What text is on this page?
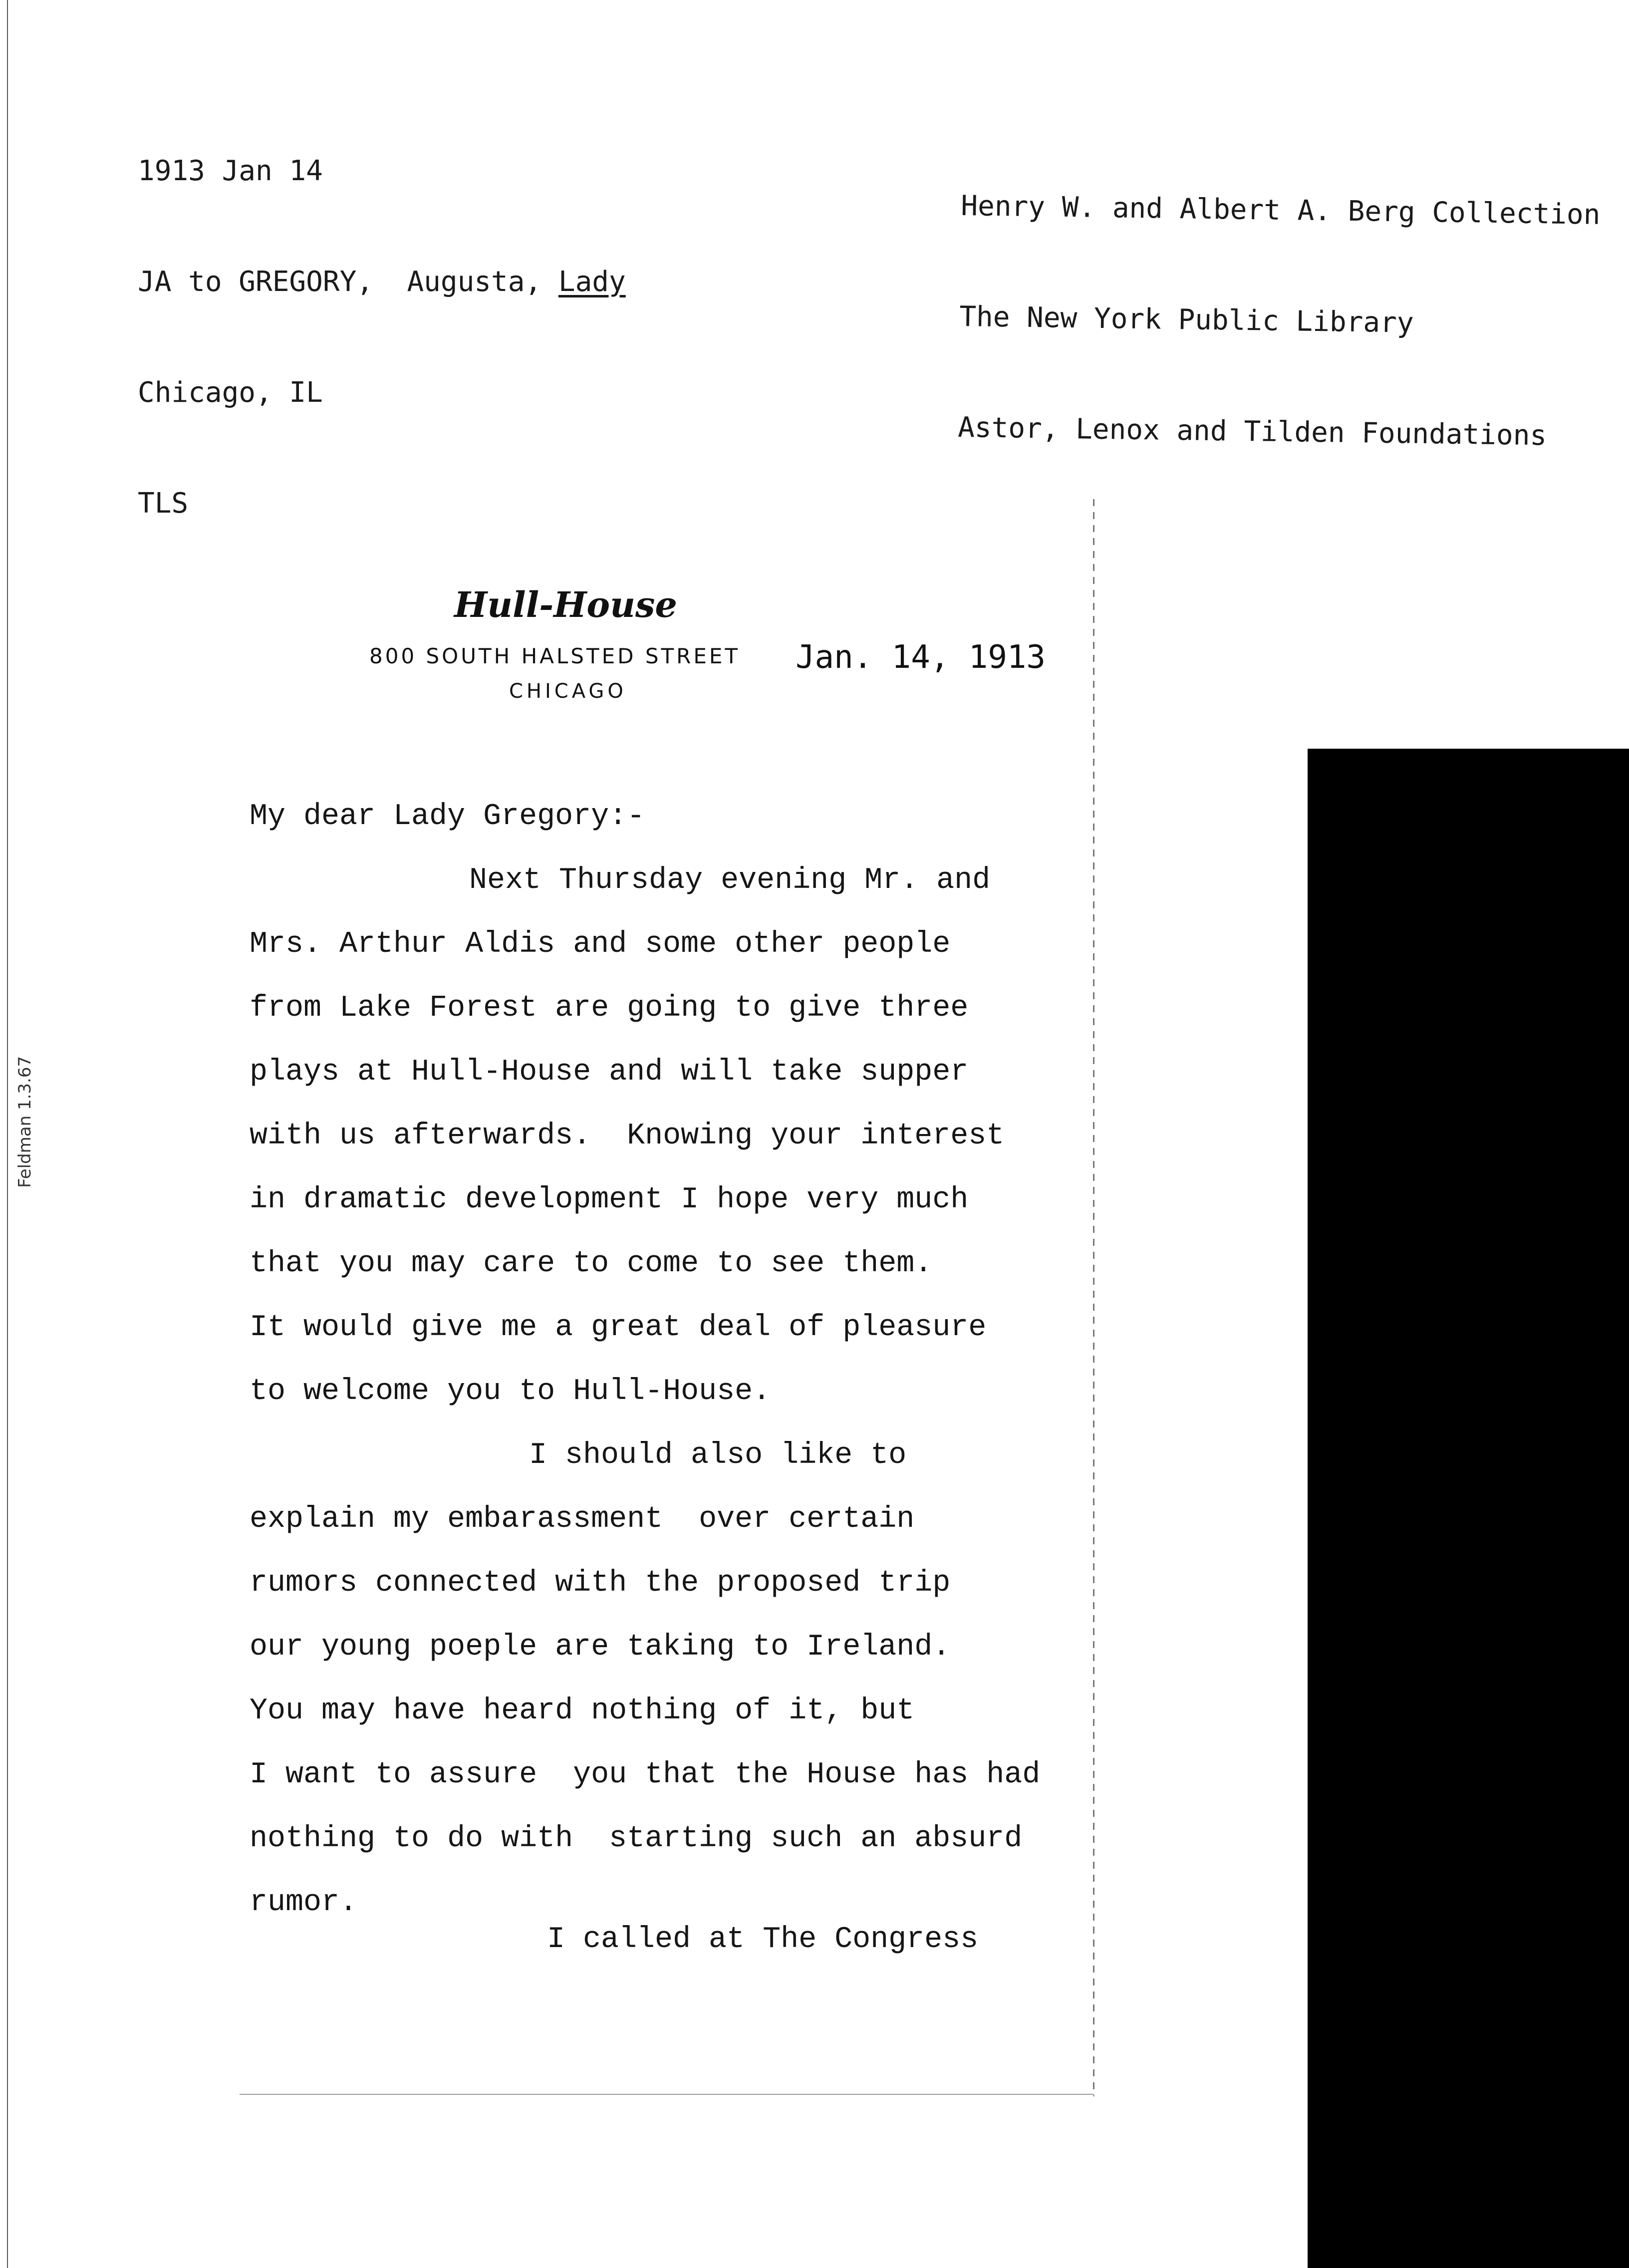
1913 Jan 14

JA to GREGORY,  Augusta, Lady

Chicago, IL

TLS

Henry W. and Albert A. Berg Collection

The New York Public Library

Astor, Lenox and Tilden Foundations

Hull-House
800 SOUTH HALSTED STREET
CHICAGO
Jan. 14, 1913
My dear Lady Gregory:-
Next Thursday evening Mr. and
Mrs. Arthur Aldis and some other people
from Lake Forest are going to give three
plays at Hull-House and will take supper
with us afterwards.  Knowing your interest
in dramatic development I hope very much
that you may care to come to see them.
It would give me a great deal of pleasure
to welcome you to Hull-House.
I should also like to
explain my embarassment  over certain
rumors connected with the proposed trip
our young poeple are taking to Ireland.
You may have heard nothing of it, but
I want to assure  you that the House has had
nothing to do with  starting such an absurd
rumor.
I called at The Congress
Feldman 1.3.67
